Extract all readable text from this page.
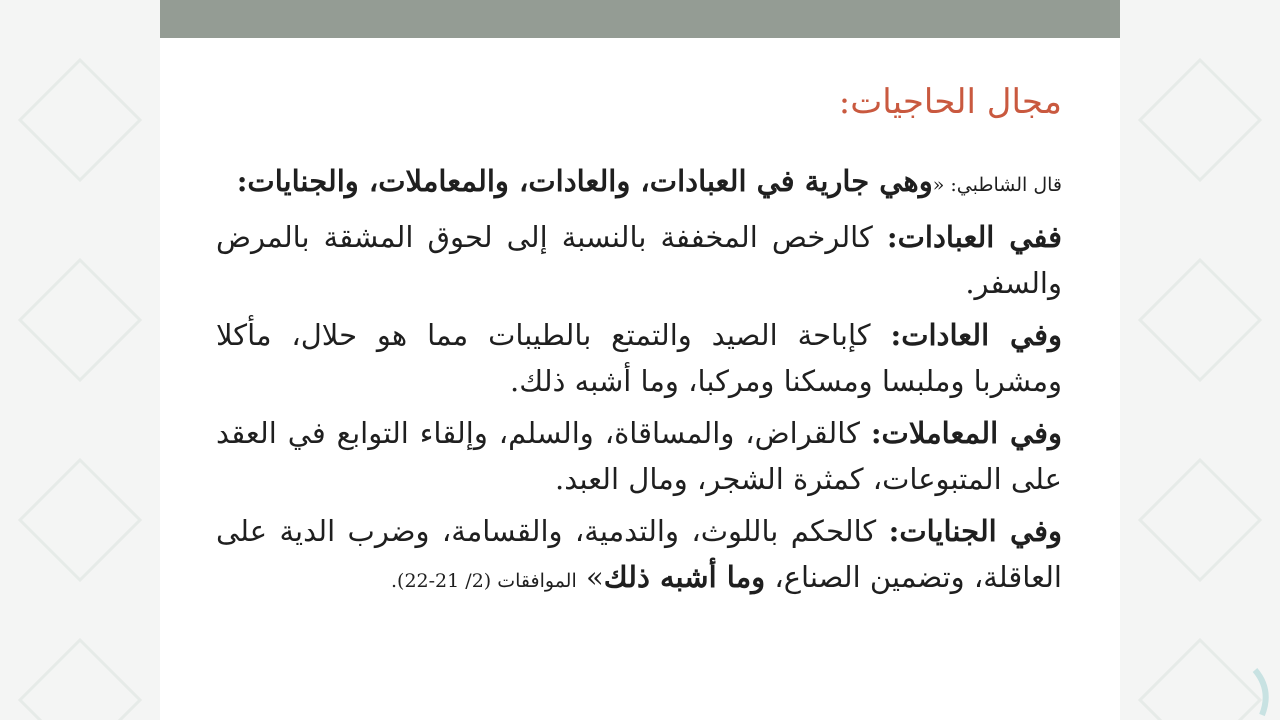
مجال الحاجيات:

قال الشاطبي: «وهي جارية في العبادات، والعادات، والمعاملات، والجنايات:

ففي العبادات: كالرخص المخففة بالنسبة إلى لحوق المشقة بالمرض والسفر.

وفي العادات: كإباحة الصيد والتمتع بالطيبات مما هو حلال، مأكلا ومشربا وملبسا ومسكنا ومركبا، وما أشبه ذلك.

وفي المعاملات: كالقراض، والمساقاة، والسلم، وإلقاء التوابع في العقد على المتبوعات، كمثرة الشجر، ومال العبد.

وفي الجنايات: كالحكم باللوث، والتدمية، والقسامة، وضرب الدية على العاقلة، وتضمين الصناع، وما أشبه ذلك» الموافقات (2/ 21-22).
